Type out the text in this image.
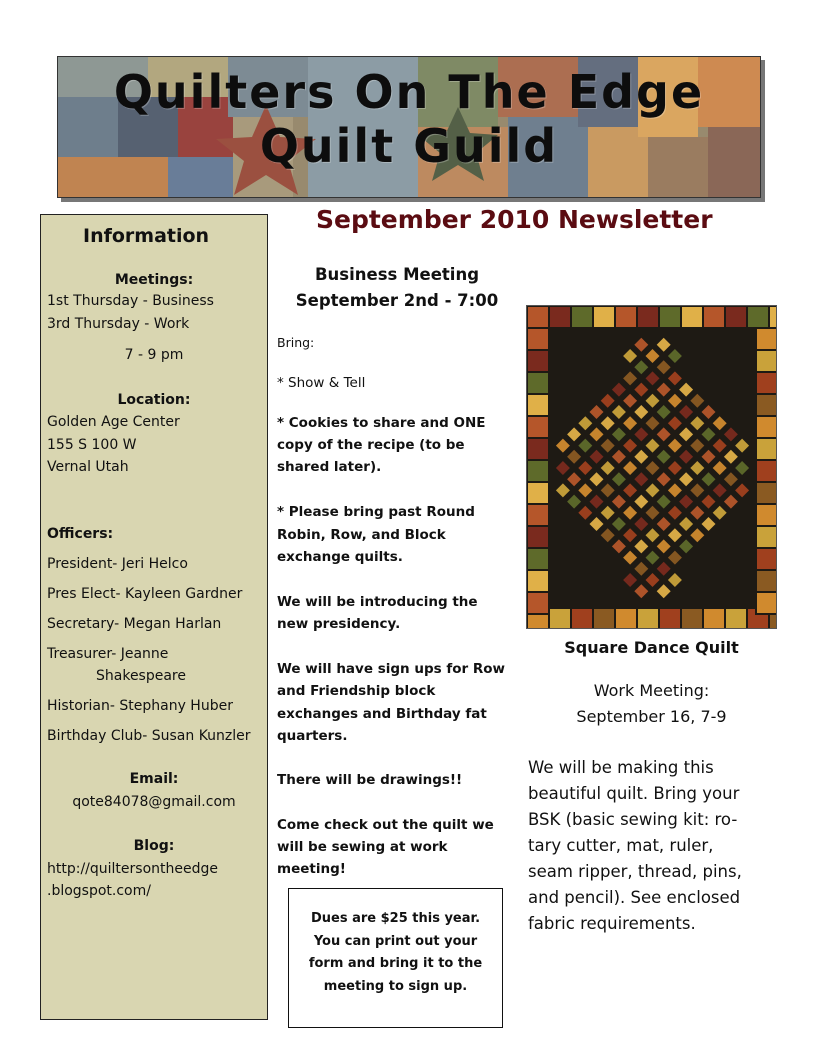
Quilters On The Edge
Quilt Guild
Information
Meetings:
1st Thursday - Business
3rd Thursday - Work
7 - 9 pm
Location:
Golden Age Center
155 S 100 W
Vernal Utah
Officers:
President- Jeri Helco
Pres Elect- Kayleen Gardner
Secretary- Megan Harlan
Treasurer- Jeanne
Shakespeare
Historian- Stephany Huber
Birthday Club- Susan Kunzler
Email:
qote84078@gmail.com
Blog:
http://quiltersontheedge
.blogspot.com/
September 2010 Newsletter
Business Meeting
September 2nd - 7:00
Bring:
* Show & Tell
* Cookies to share and ONE
copy of the recipe (to be
shared later).
* Please bring past Round
Robin, Row, and Block
exchange quilts.
We will be introducing the
new presidency.
We will have sign ups for Row
and Friendship block
exchanges and Birthday fat
quarters.
There will be drawings!!
Come check out the quilt we
will be sewing at work
meeting!
Dues are $25 this year.
You can print out your
form and bring it to the
meeting to sign up.
Square Dance Quilt
Work Meeting:
September 16, 7-9
We will be making this
beautiful quilt. Bring your
BSK (basic sewing kit: ro-
tary cutter, mat, ruler,
seam ripper, thread, pins,
and pencil). See enclosed
fabric requirements.
